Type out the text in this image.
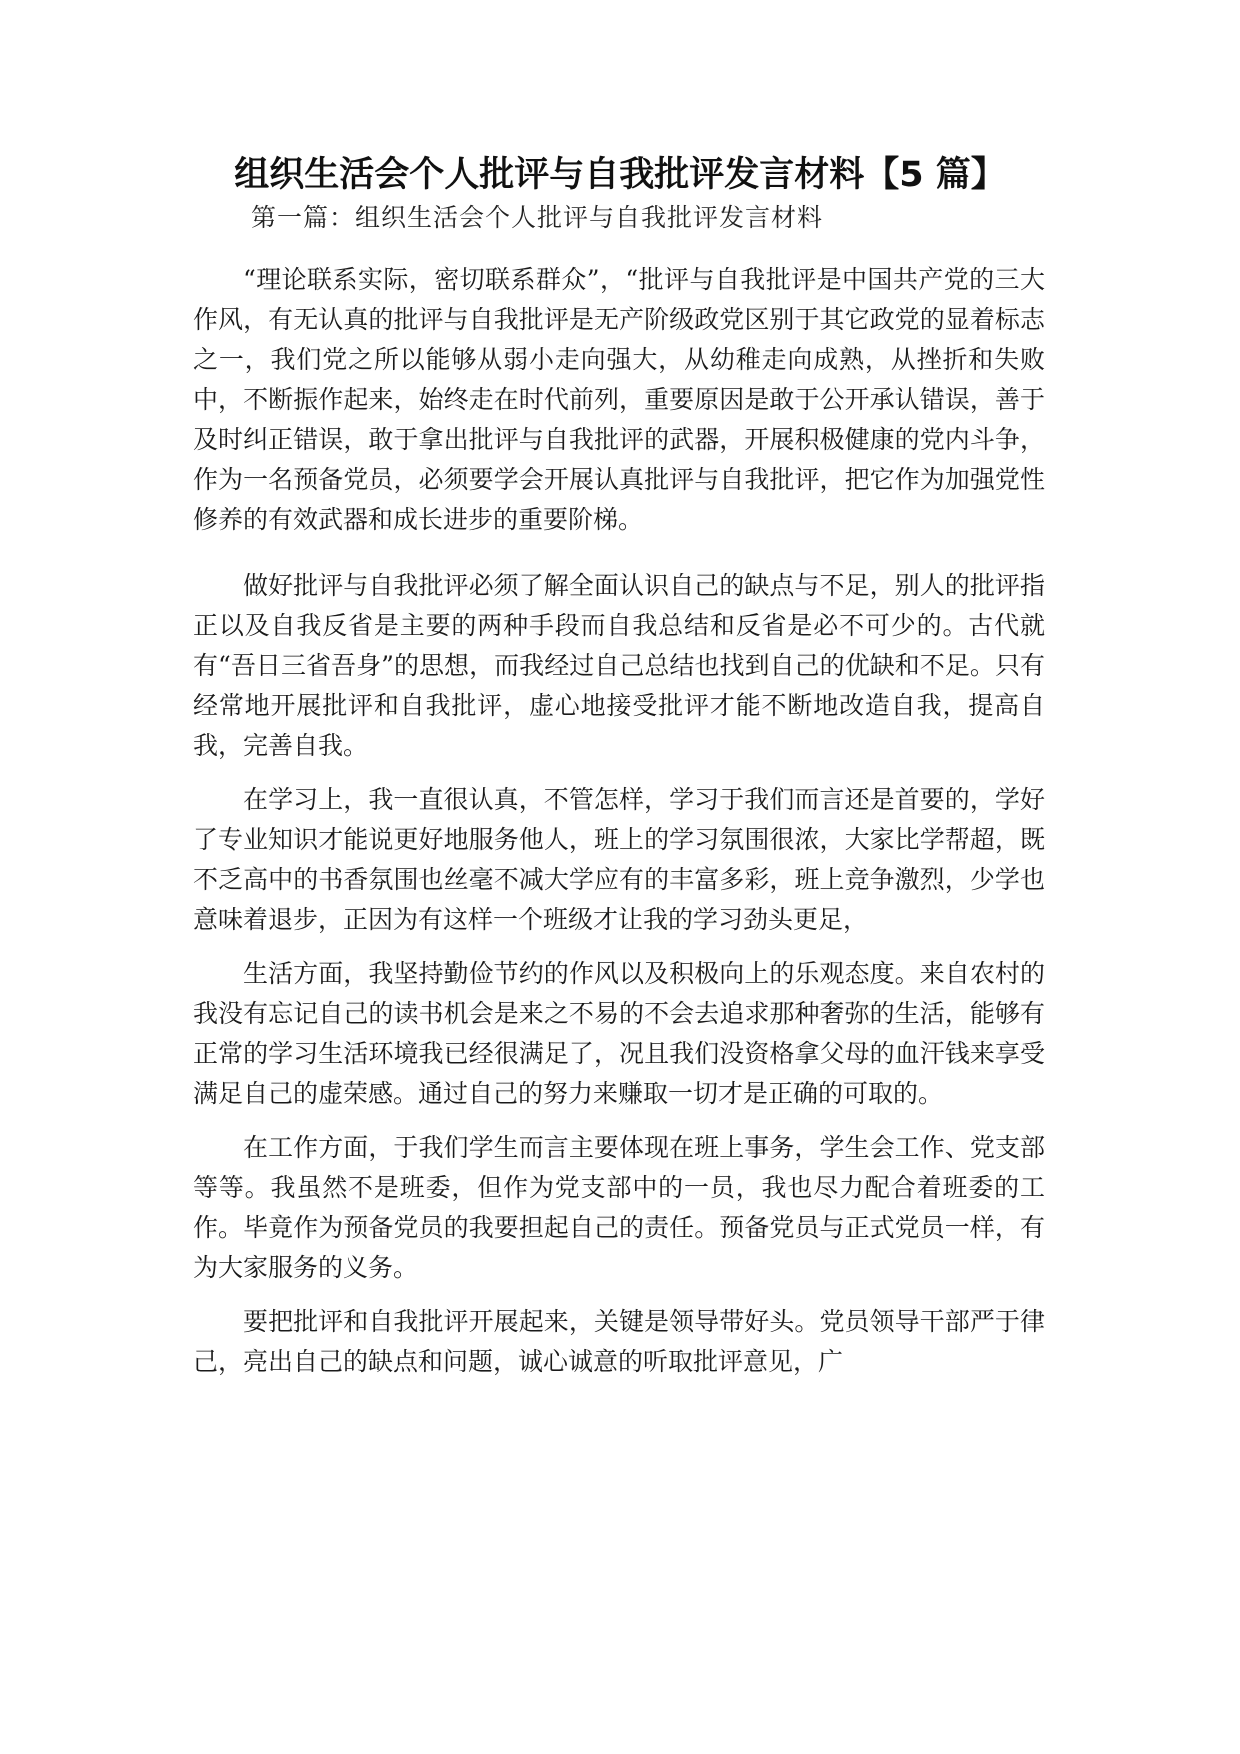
组织生活会个人批评与自我批评发言材料【5 篇】

第一篇：组织生活会个人批评与自我批评发言材料

“理论联系实际，密切联系群众”，“批评与自我批评是中国共产党的三大作风，有无认真的批评与自我批评是无产阶级政党区别于其它政党的显着标志之一，我们党之所以能够从弱小走向强大，从幼稚走向成熟，从挫折和失败中，不断振作起来，始终走在时代前列，重要原因是敢于公开承认错误，善于及时纠正错误，敢于拿出批评与自我批评的武器，开展积极健康的党内斗争，作为一名预备党员，必须要学会开展认真批评与自我批评，把它作为加强党性修养的有效武器和成长进步的重要阶梯。

做好批评与自我批评必须了解全面认识自己的缺点与不足，别人的批评指正以及自我反省是主要的两种手段而自我总结和反省是必不可少的。古代就有“吾日三省吾身”的思想，而我经过自己总结也找到自己的优缺和不足。只有经常地开展批评和自我批评，虚心地接受批评才能不断地改造自我，提高自我，完善自我。

在学习上，我一直很认真，不管怎样，学习于我们而言还是首要的，学好了专业知识才能说更好地服务他人，班上的学习氛围很浓，大家比学帮超，既不乏高中的书香氛围也丝毫不减大学应有的丰富多彩，班上竞争激烈，少学也意味着退步，正因为有这样一个班级才让我的学习劲头更足，

生活方面，我坚持勤俭节约的作风以及积极向上的乐观态度。来自农村的我没有忘记自己的读书机会是来之不易的不会去追求那种奢弥的生活，能够有正常的学习生活环境我已经很满足了，况且我们没资格拿父母的血汗钱来享受满足自己的虚荣感。通过自己的努力来赚取一切才是正确的可取的。

在工作方面，于我们学生而言主要体现在班上事务，学生会工作、党支部等等。我虽然不是班委，但作为党支部中的一员，我也尽力配合着班委的工作。毕竟作为预备党员的我要担起自己的责任。预备党员与正式党员一样，有为大家服务的义务。

要把批评和自我批评开展起来，关键是领导带好头。党员领导干部严于律己，亮出自己的缺点和问题，诚心诚意的听取批评意见，广
